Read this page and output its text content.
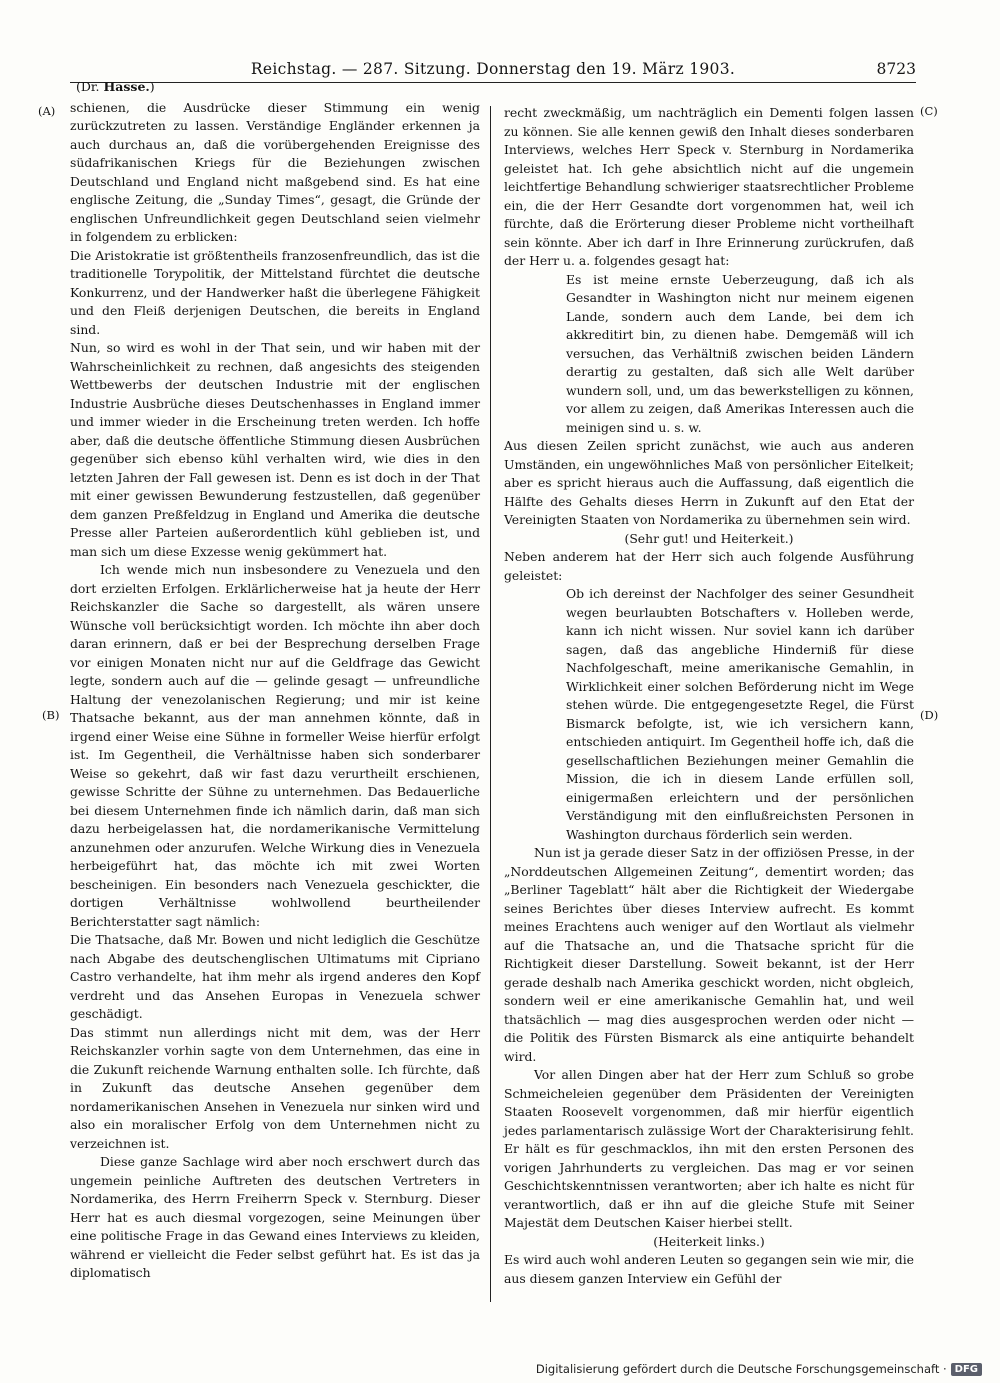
Reichstag. — 287. Sitzung. Donnerstag den 19. März 1903.	8723
(A)
(B)
(C)
(D)
(Dr. Hasse.)

schienen, die Ausdrücke dieser Stimmung ein wenig zurückzutreten zu lassen. Verständige Engländer erkennen ja auch durchaus an, daß die vorübergehenden Ereignisse des südafrikanischen Kriegs für die Beziehungen zwischen Deutschland und England nicht maßgebend sind. Es hat eine englische Zeitung, die „Sunday Times“, gesagt, die Gründe der englischen Unfreundlichkeit gegen Deutschland seien vielmehr in folgendem zu erblicken:

Die Aristokratie ist größtentheils franzosenfreundlich, das ist die traditionelle Torypolitik, der Mittelstand fürchtet die deutsche Konkurrenz, und der Handwerker haßt die überlegene Fähigkeit und den Fleiß derjenigen Deutschen, die bereits in England sind.

Nun, so wird es wohl in der That sein, und wir haben mit der Wahrscheinlichkeit zu rechnen, daß angesichts des steigenden Wettbewerbs der deutschen Industrie mit der englischen Industrie Ausbrüche dieses Deutschenhasses in England immer und immer wieder in die Erscheinung treten werden. Ich hoffe aber, daß die deutsche öffentliche Stimmung diesen Ausbrüchen gegenüber sich ebenso kühl verhalten wird, wie dies in den letzten Jahren der Fall gewesen ist. Denn es ist doch in der That mit einer gewissen Bewunderung festzustellen, daß gegenüber dem ganzen Preßfeldzug in England und Amerika die deutsche Presse aller Parteien außerordentlich kühl geblieben ist, und man sich um diese Exzesse wenig gekümmert hat.

Ich wende mich nun insbesondere zu Venezuela und den dort erzielten Erfolgen. Erklärlicherweise hat ja heute der Herr Reichskanzler die Sache so dargestellt, als wären unsere Wünsche voll berücksichtigt worden. Ich möchte ihn aber doch daran erinnern, daß er bei der Besprechung derselben Frage vor einigen Monaten nicht nur auf die Geldfrage das Gewicht legte, sondern auch auf die — gelinde gesagt — unfreundliche Haltung der venezolanischen Regierung; und mir ist keine Thatsache bekannt, aus der man annehmen könnte, daß in irgend einer Weise eine Sühne in formeller Weise hierfür erfolgt ist. Im Gegentheil, die Verhältnisse haben sich sonderbarer Weise so gekehrt, daß wir fast dazu verurtheilt erschienen, gewisse Schritte der Sühne zu unternehmen. Das Bedauerliche bei diesem Unternehmen finde ich nämlich darin, daß man sich dazu herbeigelassen hat, die nordamerikanische Vermittelung anzunehmen oder anzurufen. Welche Wirkung dies in Venezuela herbeigeführt hat, das möchte ich mit zwei Worten bescheinigen. Ein besonders nach Venezuela geschickter, die dortigen Verhältnisse wohlwollend beurtheilender Berichterstatter sagt nämlich:

Die Thatsache, daß Mr. Bowen und nicht lediglich die Geschütze nach Abgabe des deutschenglischen Ultimatums mit Cipriano Castro verhandelte, hat ihm mehr als irgend anderes den Kopf verdreht und das Ansehen Europas in Venezuela schwer geschädigt.

Das stimmt nun allerdings nicht mit dem, was der Herr Reichskanzler vorhin sagte von dem Unternehmen, das eine in die Zukunft reichende Warnung enthalten solle. Ich fürchte, daß in Zukunft das deutsche Ansehen gegenüber dem nordamerikanischen Ansehen in Venezuela nur sinken wird und also ein moralischer Erfolg von dem Unternehmen nicht zu verzeichnen ist.

Diese ganze Sachlage wird aber noch erschwert durch das ungemein peinliche Auftreten des deutschen Vertreters in Nordamerika, des Herrn Freiherrn Speck v. Sternburg. Dieser Herr hat es auch diesmal vorgezogen, seine Meinungen über eine politische Frage in das Gewand eines Interviews zu kleiden, während er vielleicht die Feder selbst geführt hat. Es ist das ja diplomatisch

recht zweckmäßig, um nachträglich ein Dementi folgen lassen zu können. Sie alle kennen gewiß den Inhalt dieses sonderbaren Interviews, welches Herr Speck v. Sternburg in Nordamerika geleistet hat. Ich gehe absichtlich nicht auf die ungemein leichtfertige Behandlung schwieriger staatsrechtlicher Probleme ein, die der Herr Gesandte dort vorgenommen hat, weil ich fürchte, daß die Erörterung dieser Probleme nicht vortheilhaft sein könnte. Aber ich darf in Ihre Erinnerung zurückrufen, daß der Herr u. a. folgendes gesagt hat:

Es ist meine ernste Ueberzeugung, daß ich als Gesandter in Washington nicht nur meinem eigenen Lande, sondern auch dem Lande, bei dem ich akkreditirt bin, zu dienen habe. Demgemäß will ich versuchen, das Verhältniß zwischen beiden Ländern derartig zu gestalten, daß sich alle Welt darüber wundern soll, und, um das bewerkstelligen zu können, vor allem zu zeigen, daß Amerikas Interessen auch die meinigen sind u. s. w.

Aus diesen Zeilen spricht zunächst, wie auch aus anderen Umständen, ein ungewöhnliches Maß von persönlicher Eitelkeit; aber es spricht hieraus auch die Auffassung, daß eigentlich die Hälfte des Gehalts dieses Herrn in Zukunft auf den Etat der Vereinigten Staaten von Nordamerika zu übernehmen sein wird.

(Sehr gut! und Heiterkeit.)

Neben anderem hat der Herr sich auch folgende Ausführung geleistet:

Ob ich dereinst der Nachfolger des seiner Gesundheit wegen beurlaubten Botschafters v. Holleben werde, kann ich nicht wissen. Nur soviel kann ich darüber sagen, daß das angebliche Hinderniß für diese Nachfolgeschaft, meine amerikanische Gemahlin, in Wirklichkeit einer solchen Beförderung nicht im Wege stehen würde. Die entgegengesetzte Regel, die Fürst Bismarck befolgte, ist, wie ich versichern kann, entschieden antiquirt. Im Gegentheil hoffe ich, daß die gesellschaftlichen Beziehungen meiner Gemahlin die Mission, die ich in diesem Lande erfüllen soll, einigermaßen erleichtern und der persönlichen Verständigung mit den einflußreichsten Personen in Washington durchaus förderlich sein werden.

Nun ist ja gerade dieser Satz in der offiziösen Presse, in der „Norddeutschen Allgemeinen Zeitung“, dementirt worden; das „Berliner Tageblatt“ hält aber die Richtigkeit der Wiedergabe seines Berichtes über dieses Interview aufrecht. Es kommt meines Erachtens auch weniger auf den Wortlaut als vielmehr auf die Thatsache an, und die Thatsache spricht für die Richtigkeit dieser Darstellung. Soweit bekannt, ist der Herr gerade deshalb nach Amerika geschickt worden, nicht obgleich, sondern weil er eine amerikanische Gemahlin hat, und weil thatsächlich — mag dies ausgesprochen werden oder nicht — die Politik des Fürsten Bismarck als eine antiquirte behandelt wird.

Vor allen Dingen aber hat der Herr zum Schluß so grobe Schmeicheleien gegenüber dem Präsidenten der Vereinigten Staaten Roosevelt vorgenommen, daß mir hierfür eigentlich jedes parlamentarisch zulässige Wort der Charakterisirung fehlt. Er hält es für geschmacklos, ihn mit den ersten Personen des vorigen Jahrhunderts zu vergleichen. Das mag er vor seinen Geschichtskenntnissen verantworten; aber ich halte es nicht für verantwortlich, daß er ihn auf die gleiche Stufe mit Seiner Majestät dem Deutschen Kaiser hierbei stellt.

(Heiterkeit links.)

Es wird auch wohl anderen Leuten so gegangen sein wie mir, die aus diesem ganzen Interview ein Gefühl der

Digitalisierung gefördert durch die Deutsche Forschungsgemeinschaft · DFG
